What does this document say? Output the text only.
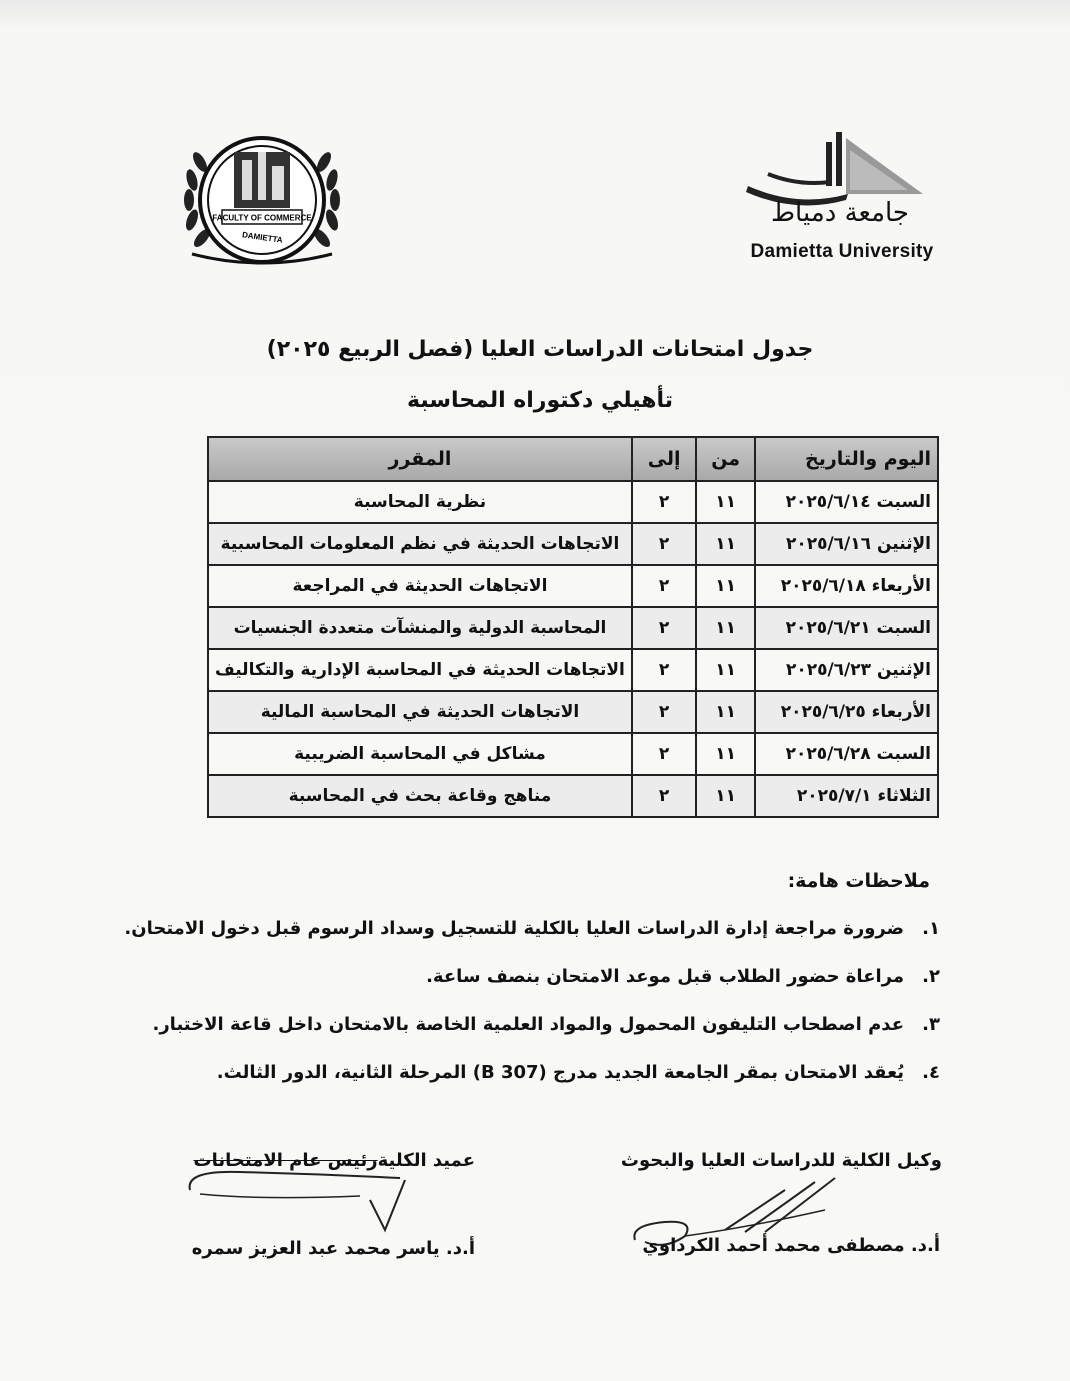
FACULTY OF COMMERCE
DAMIETTA
جامعة دمياط
Damietta University
جدول امتحانات الدراسات العليا (فصل الربيع ٢٠٢٥)
تأهيلي دكتوراه المحاسبة
اليوم والتاريخ	من	إلى	المقرر
السبت ٢٠٢٥/٦/١٤	١١	٢	نظرية المحاسبة
الإثنين ٢٠٢٥/٦/١٦	١١	٢	الاتجاهات الحديثة في نظم المعلومات المحاسبية
الأربعاء ٢٠٢٥/٦/١٨	١١	٢	الاتجاهات الحديثة في المراجعة
السبت ٢٠٢٥/٦/٢١	١١	٢	المحاسبة الدولية والمنشآت متعددة الجنسيات
الإثنين ٢٠٢٥/٦/٢٣	١١	٢	الاتجاهات الحديثة في المحاسبة الإدارية والتكاليف
الأربعاء ٢٠٢٥/٦/٢٥	١١	٢	الاتجاهات الحديثة في المحاسبة المالية
السبت ٢٠٢٥/٦/٢٨	١١	٢	مشاكل في المحاسبة الضريبية
الثلاثاء ٢٠٢٥/٧/١	١١	٢	مناهج وقاعة بحث في المحاسبة
ملاحظات هامة:
١.ضرورة مراجعة إدارة الدراسات العليا بالكلية للتسجيل وسداد الرسوم قبل دخول الامتحان.
٢.مراعاة حضور الطلاب قبل موعد الامتحان بنصف ساعة.
٣.عدم اصطحاب التليفون المحمول والمواد العلمية الخاصة بالامتحان داخل قاعة الاختبار.
٤.يُعقد الامتحان بمقر الجامعة الجديد مدرج (307 B) المرحلة الثانية، الدور الثالث.
وكيل الكلية للدراسات العليا والبحوث
عميد الكليةرئيس عام الامتحانات
أ.د. مصطفى محمد أحمد الكرداوي
أ.د. ياسر محمد عبد العزيز سمره
